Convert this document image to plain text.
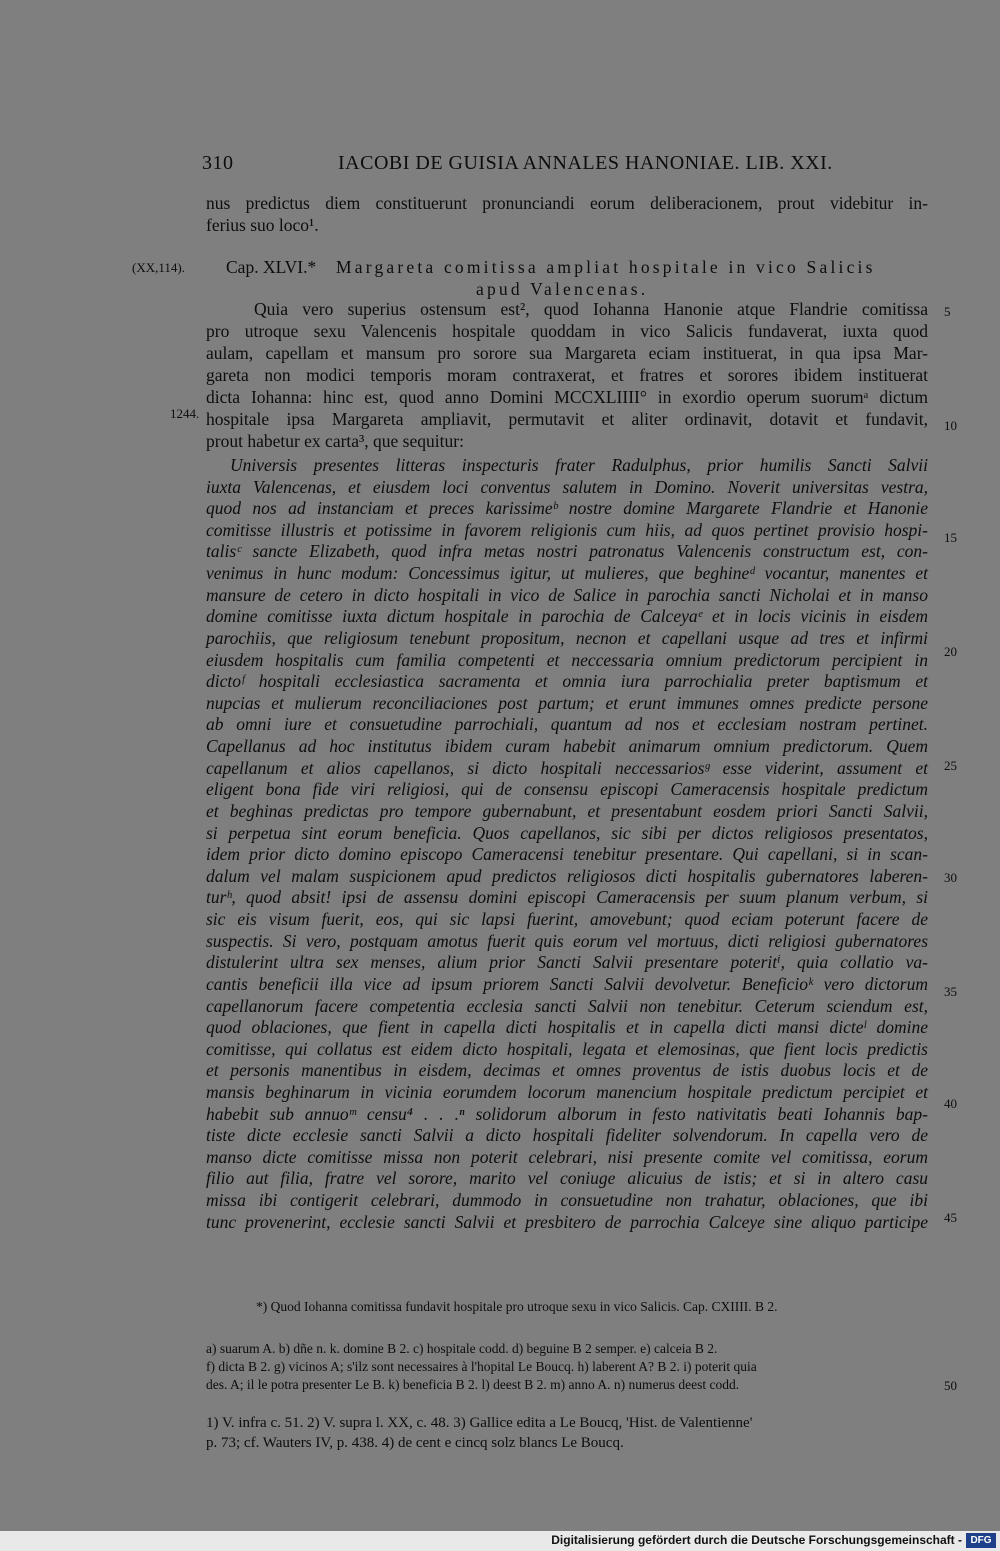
310	IACOBI DE GUISIA ANNALES HANONIAE. LIB. XXI.
nus predictus diem constituerunt pronunciandi eorum deliberacionem, prout videbitur in-
ferius suo loco¹.
(XX,114). Cap. XLVI.* Margareta comitissa ampliat hospitale in vico Salicis
apud Valencenas.
1244.
Quia vero superius ostensum est², quod Iohanna Hanonie atque Flandrie comitissa
pro utroque sexu Valencenis hospitale quoddam in vico Salicis fundaverat, iuxta quod
aulam, capellam et mansum pro sorore sua Margareta eciam instituerat, in qua ipsa Mar-
gareta non modici temporis moram contraxerat, et fratres et sorores ibidem instituerat
dicta Iohanna: hinc est, quod anno Domini MCCXLIIII° in exordio operum suorumᵃ dictum
hospitale ipsa Margareta ampliavit, permutavit et aliter ordinavit, dotavit et fundavit,
prout habetur ex carta³, que sequitur:
Universis presentes litteras inspecturis frater Radulphus, prior humilis Sancti Salvii
iuxta Valencenas, et eiusdem loci conventus salutem in Domino. Noverit universitas vestra,
quod nos ad instanciam et preces karissimeᵇ nostre domine Margarete Flandrie et Hanonie
comitisse illustris et potissime in favorem religionis cum hiis, ad quos pertinet provisio hospi-
talisᶜ sancte Elizabeth, quod infra metas nostri patronatus Valencenis constructum est, con-
venimus in hunc modum: Concessimus igitur, ut mulieres, que beghineᵈ vocantur, manentes et
mansure de cetero in dicto hospitali in vico de Salice in parochia sancti Nicholai et in manso
domine comitisse iuxta dictum hospitale in parochia de Calceyaᵉ et in locis vicinis in eisdem
parochiis, que religiosum tenebunt propositum, necnon et capellani usque ad tres et infirmi
eiusdem hospitalis cum familia competenti et neccessaria omnium predictorum percipient in
dictoᶠ hospitali ecclesiastica sacramenta et omnia iura parrochialia preter baptismum et
nupcias et mulierum reconciliaciones post partum; et erunt immunes omnes predicte persone
ab omni iure et consuetudine parrochiali, quantum ad nos et ecclesiam nostram pertinet.
Capellanus ad hoc institutus ibidem curam habebit animarum omnium predictorum. Quem
capellanum et alios capellanos, si dicto hospitali neccessariosᵍ esse viderint, assument et
eligent bona fide viri religiosi, qui de consensu episcopi Cameracensis hospitale predictum
et beghinas predictas pro tempore gubernabunt, et presentabunt eosdem priori Sancti Salvii,
si perpetua sint eorum beneficia. Quos capellanos, sic sibi per dictos religiosos presentatos,
idem prior dicto domino episcopo Cameracensi tenebitur presentare. Qui capellani, si in scan-
dalum vel malam suspicionem apud predictos religiosos dicti hospitalis gubernatores laberen-
turʰ, quod absit! ipsi de assensu domini episcopi Cameracensis per suum planum verbum, si
sic eis visum fuerit, eos, qui sic lapsi fuerint, amovebunt; quod eciam poterunt facere de
suspectis. Si vero, postquam amotus fuerit quis eorum vel mortuus, dicti religiosi gubernatores
distulerint ultra sex menses, alium prior Sancti Salvii presentare poteritⁱ, quia collatio va-
cantis beneficii illa vice ad ipsum priorem Sancti Salvii devolvetur. Beneficioᵏ vero dictorum
capellanorum facere competentia ecclesia sancti Salvii non tenebitur. Ceterum sciendum est,
quod oblaciones, que fient in capella dicti hospitalis et in capella dicti mansi dicteˡ domine
comitisse, qui collatus est eidem dicto hospitali, legata et elemosinas, que fient locis predictis
et personis manentibus in eisdem, decimas et omnes proventus de istis duobus locis et de
mansis beghinarum in vicinia eorumdem locorum manencium hospitale predictum percipiet et
habebit sub annuoᵐ censu⁴ . . .ⁿ solidorum alborum in festo nativitatis beati Iohannis bap-
tiste dicte ecclesie sancti Salvii a dicto hospitali fideliter solvendorum. In capella vero de
manso dicte comitisse missa non poterit celebrari, nisi presente comite vel comitissa, eorum
filio aut filia, fratre vel sorore, marito vel coniuge alicuius de istis; et si in altero casu
missa ibi contigerit celebrari, dummodo in consuetudine non trahatur, oblaciones, que ibi
tunc provenerint, ecclesie sancti Salvii et presbitero de parrochia Calceye sine aliquo participe
5
10
15
20
25
30
35
40
45
50
*) Quod Iohanna comitissa fundavit hospitale pro utroque sexu in vico Salicis. Cap. CXIIII. B 2.
a) suarum A. b) dñe n. k. domine B 2. c) hospitale codd. d) beguine B 2 semper. e) calceia B 2.
f) dicta B 2. g) vicinos A; s'ilz sont necessaires à l'hopital Le Boucq. h) laberent A? B 2. i) poterit quia
des. A; il le potra presenter Le B. k) beneficia B 2. l) deest B 2. m) anno A. n) numerus deest codd.
1) V. infra c. 51. 2) V. supra l. XX, c. 48. 3) Gallice edita a Le Boucq, 'Hist. de Valentienne'
p. 73; cf. Wauters IV, p. 438. 4) de cent e cincq solz blancs Le Boucq.
Digitalisierung gefördert durch die Deutsche Forschungsgemeinschaft - DFG
